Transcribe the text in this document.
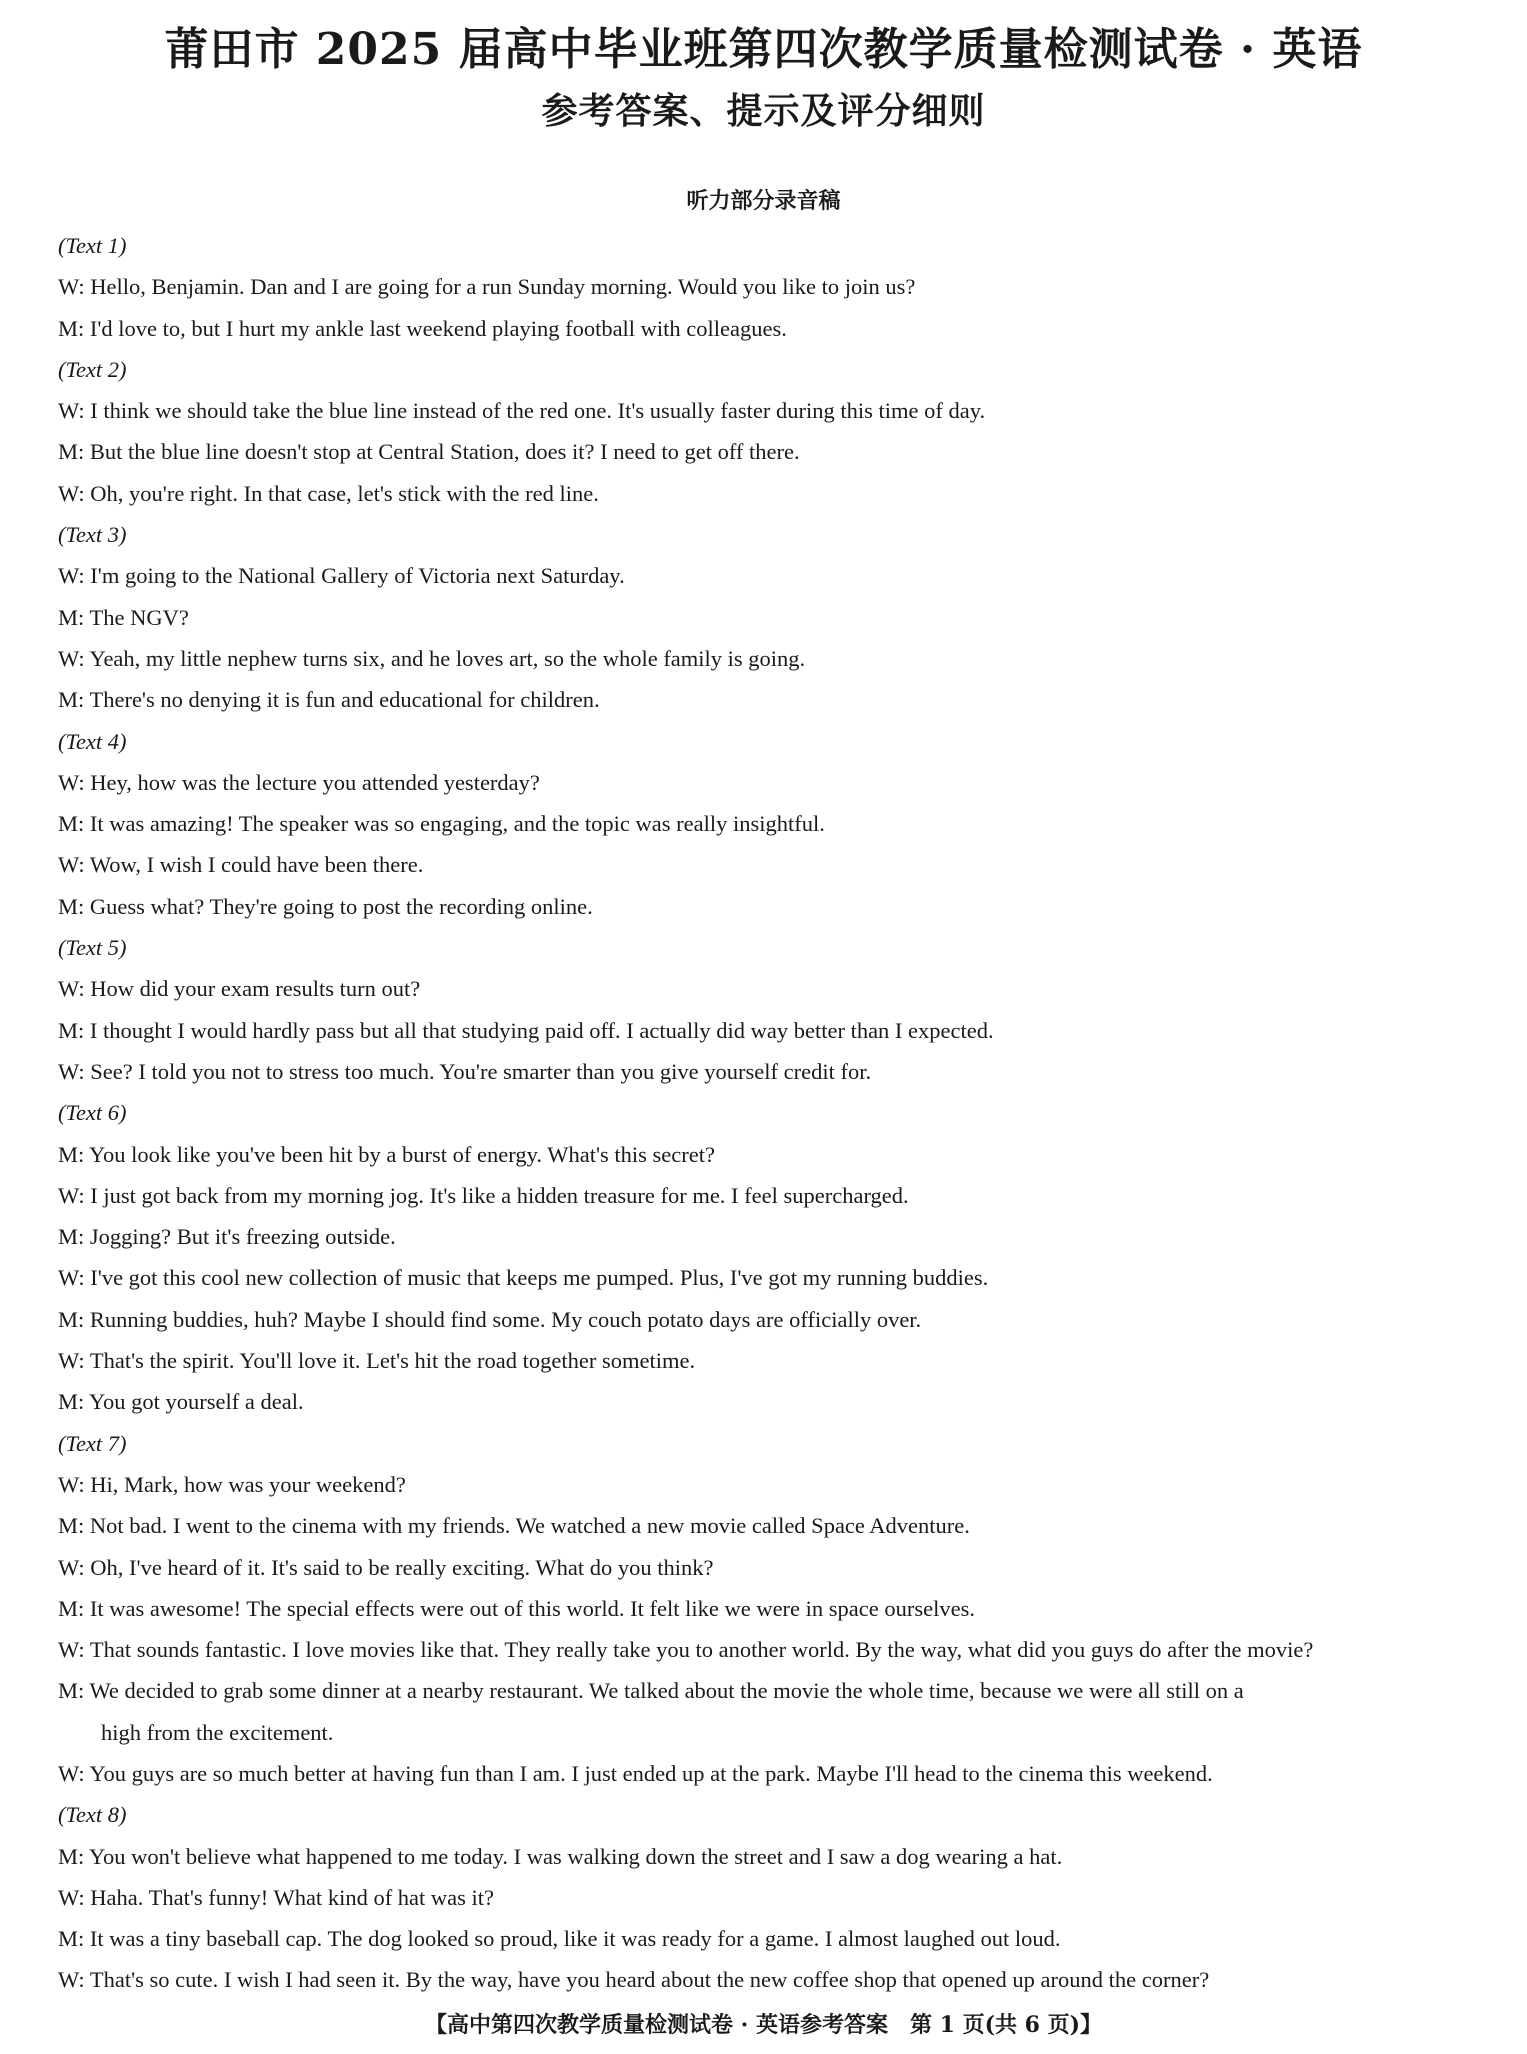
莆田市 2025 届高中毕业班第四次教学质量检测试卷 · 英语
参考答案、提示及评分细则
听力部分录音稿
(Text 1)
W: Hello, Benjamin. Dan and I are going for a run Sunday morning. Would you like to join us?
M: I'd love to, but I hurt my ankle last weekend playing football with colleagues.
(Text 2)
W: I think we should take the blue line instead of the red one. It's usually faster during this time of day.
M: But the blue line doesn't stop at Central Station, does it? I need to get off there.
W: Oh, you're right. In that case, let's stick with the red line.
(Text 3)
W: I'm going to the National Gallery of Victoria next Saturday.
M: The NGV?
W: Yeah, my little nephew turns six, and he loves art, so the whole family is going.
M: There's no denying it is fun and educational for children.
(Text 4)
W: Hey, how was the lecture you attended yesterday?
M: It was amazing! The speaker was so engaging, and the topic was really insightful.
W: Wow, I wish I could have been there.
M: Guess what? They're going to post the recording online.
(Text 5)
W: How did your exam results turn out?
M: I thought I would hardly pass but all that studying paid off. I actually did way better than I expected.
W: See? I told you not to stress too much. You're smarter than you give yourself credit for.
(Text 6)
M: You look like you've been hit by a burst of energy. What's this secret?
W: I just got back from my morning jog. It's like a hidden treasure for me. I feel supercharged.
M: Jogging? But it's freezing outside.
W: I've got this cool new collection of music that keeps me pumped. Plus, I've got my running buddies.
M: Running buddies, huh? Maybe I should find some. My couch potato days are officially over.
W: That's the spirit. You'll love it. Let's hit the road together sometime.
M: You got yourself a deal.
(Text 7)
W: Hi, Mark, how was your weekend?
M: Not bad. I went to the cinema with my friends. We watched a new movie called Space Adventure.
W: Oh, I've heard of it. It's said to be really exciting. What do you think?
M: It was awesome! The special effects were out of this world. It felt like we were in space ourselves.
W: That sounds fantastic. I love movies like that. They really take you to another world. By the way, what did you guys do after the movie?
M: We decided to grab some dinner at a nearby restaurant. We talked about the movie the whole time, because we were all still on a
high from the excitement.
W: You guys are so much better at having fun than I am. I just ended up at the park. Maybe I'll head to the cinema this weekend.
(Text 8)
M: You won't believe what happened to me today. I was walking down the street and I saw a dog wearing a hat.
W: Haha. That's funny! What kind of hat was it?
M: It was a tiny baseball cap. The dog looked so proud, like it was ready for a game. I almost laughed out loud.
W: That's so cute. I wish I had seen it. By the way, have you heard about the new coffee shop that opened up around the corner?
【高中第四次教学质量检测试卷 · 英语参考答案　第 1 页(共 6 页)】
